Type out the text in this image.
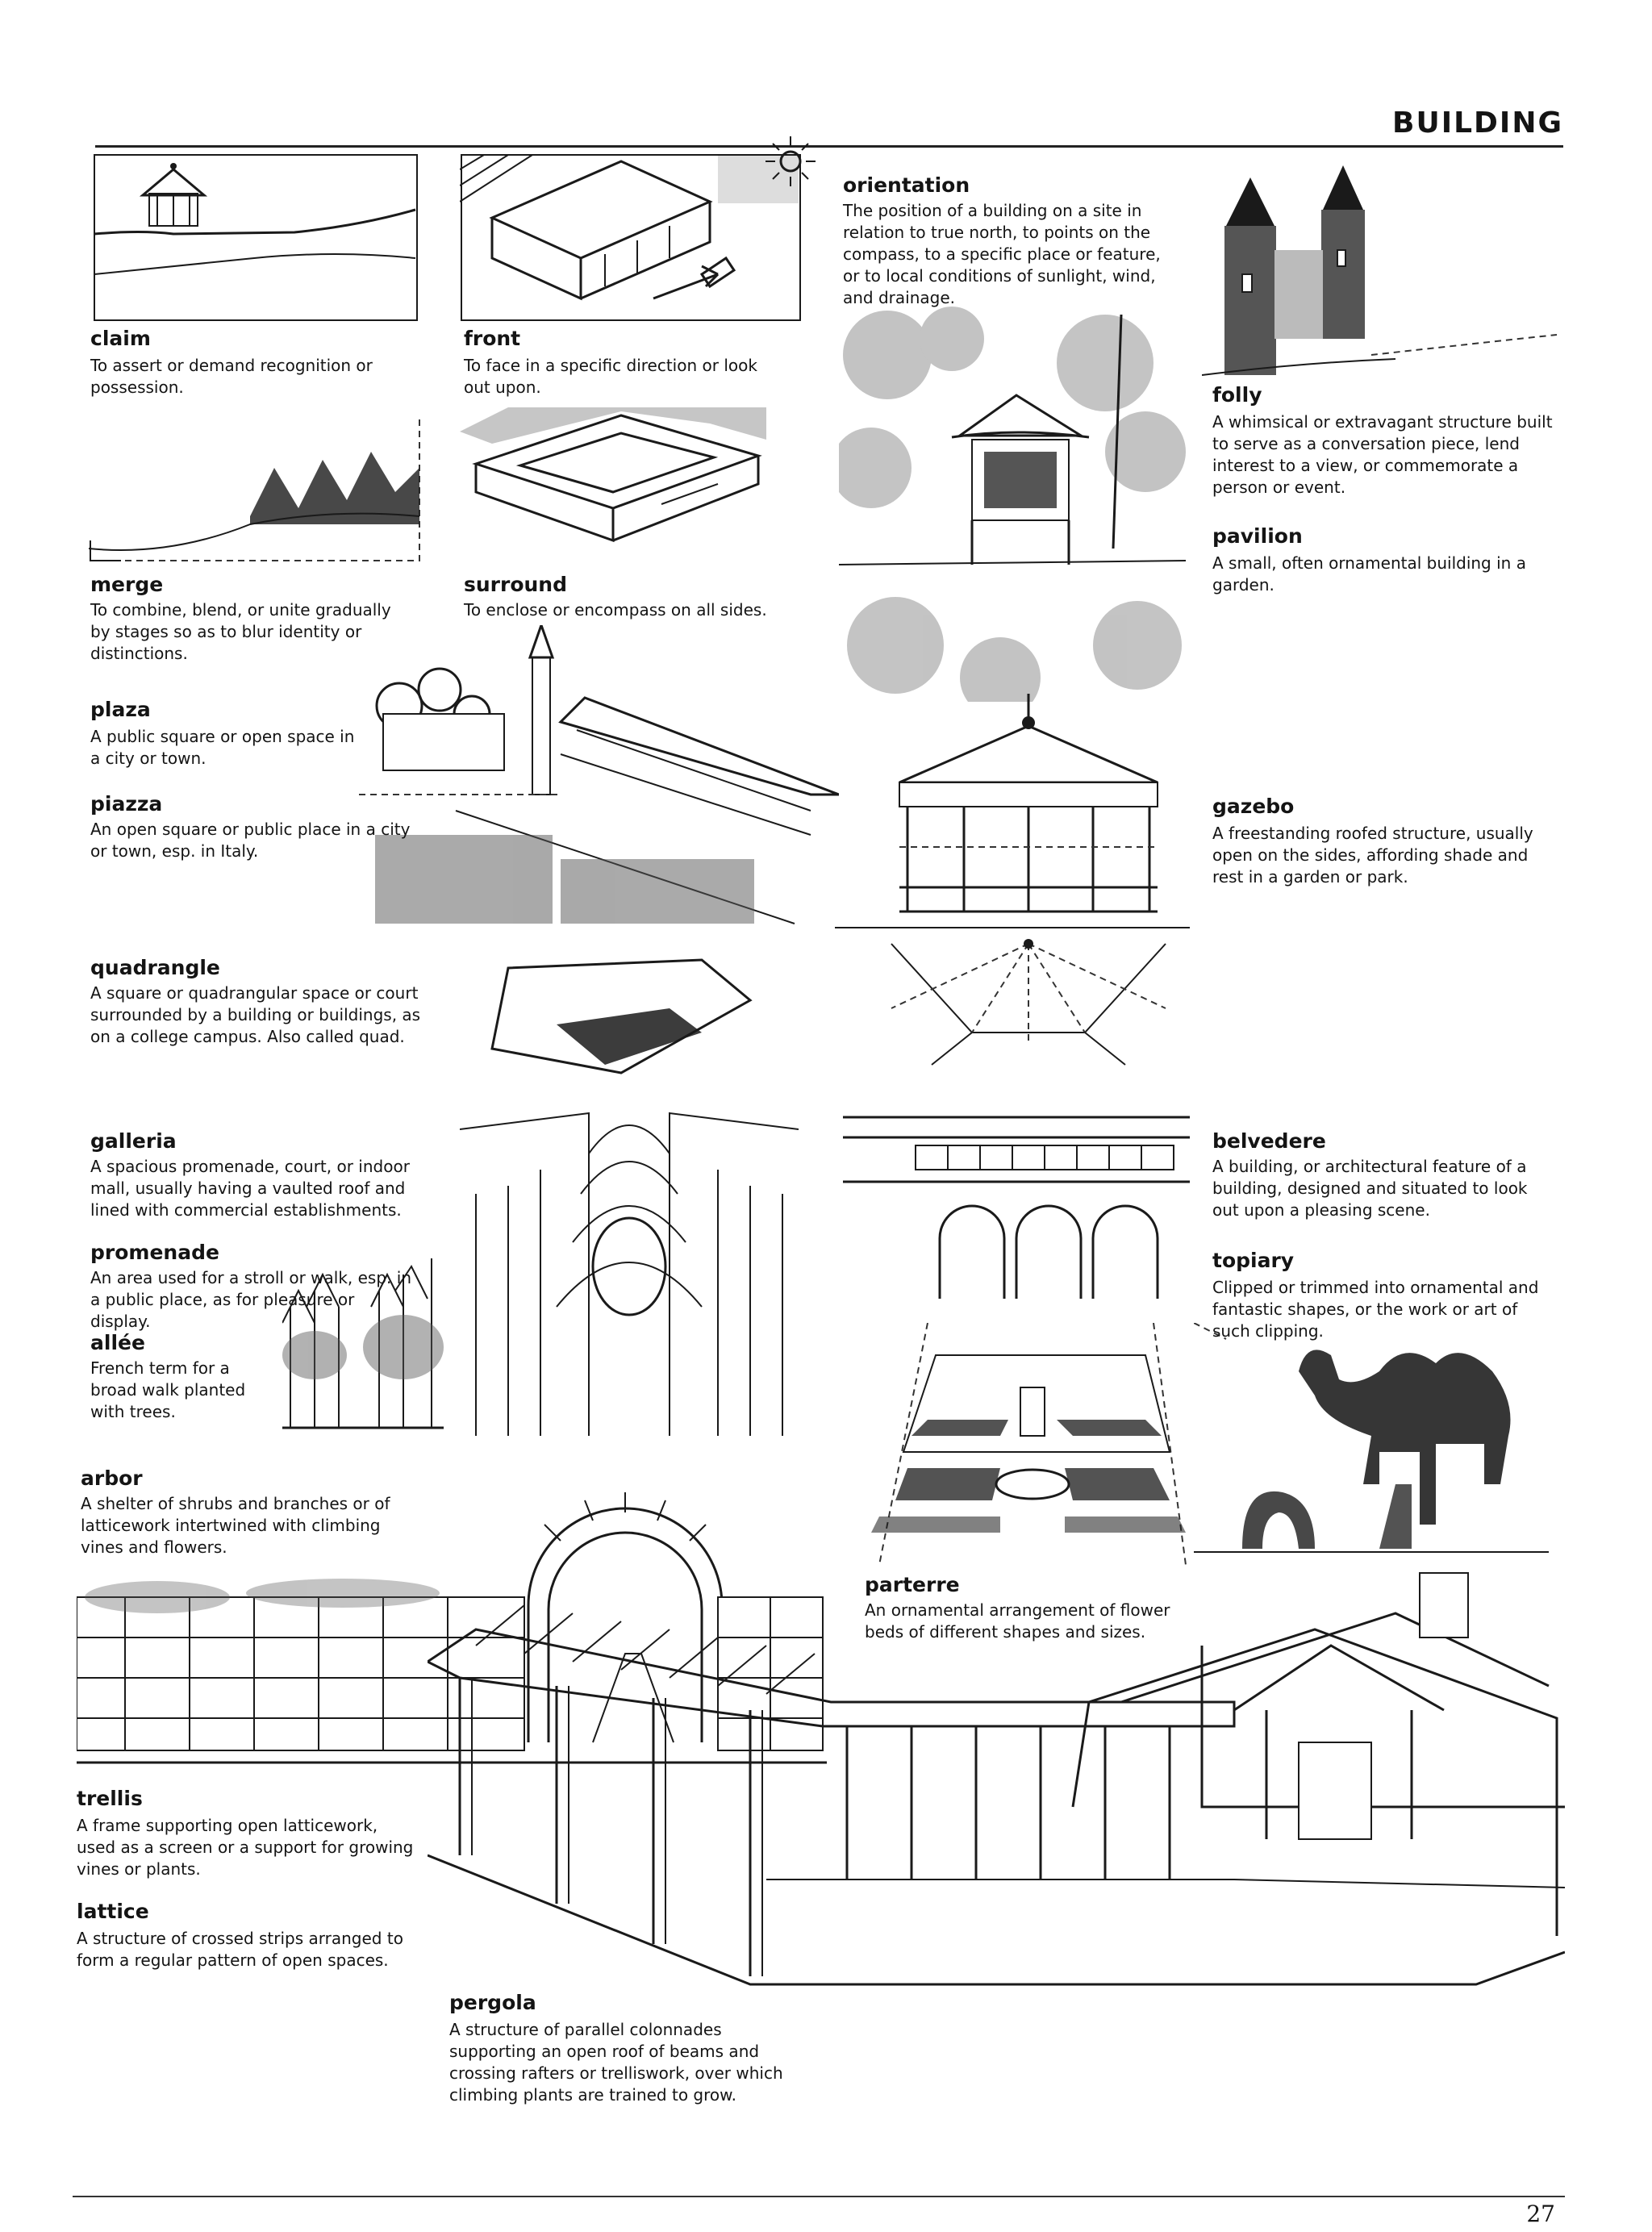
BUILDING
claim
To assert or demand recognition or possession.
front
To face in a specific direction or look out upon.
orientation
The position of a building on a site in relation to true north, to points on the compass, to a specific place or feature, or to local conditions of sunlight, wind, and drainage.
folly
A whimsical or extravagant structure built to serve as a conversation piece, lend interest to a view, or commemorate a person or event.
pavilion
A small, often ornamental building in a garden.
merge
To combine, blend, or unite gradually by stages so as to blur identity or distinctions.
surround
To enclose or encompass on all sides.
plaza
A public square or open space in a city or town.
piazza
An open square or public place in a city or town, esp. in Italy.
gazebo
A freestanding roofed structure, usually open on the sides, affording shade and rest in a garden or park.
quadrangle
A square or quadrangular space or court surrounded by a building or buildings, as on a college campus. Also called quad.
galleria
A spacious promenade, court, or indoor mall, usually having a vaulted roof and lined with commercial establishments.
promenade
An area used for a stroll or walk, esp. in a public place, as for pleasure or display.
allée
French term for a broad walk planted with trees.
belvedere
A building, or architectural feature of a building, designed and situated to look out upon a pleasing scene.
topiary
Clipped or trimmed into ornamental and fantastic shapes, or the work or art of such clipping.
arbor
A shelter of shrubs and branches or of latticework intertwined with climbing vines and flowers.
parterre
An ornamental arrangement of flower beds of different shapes and sizes.
trellis
A frame supporting open latticework, used as a screen or a support for growing vines or plants.
lattice
A structure of crossed strips arranged to form a regular pattern of open spaces.
pergola
A structure of parallel colonnades supporting an open roof of beams and crossing rafters or trelliswork, over which climbing plants are trained to grow.
27
